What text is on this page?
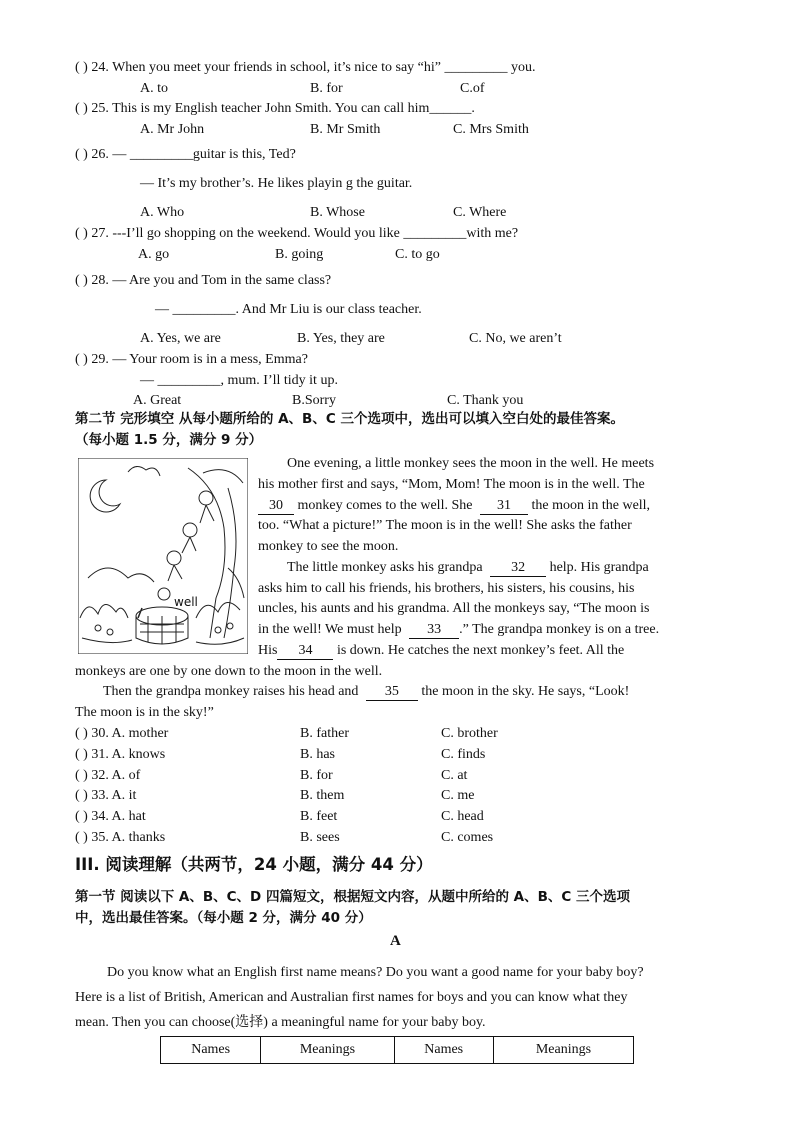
( ) 24. When you meet your friends in school, it’s nice to say “hi” _________ you.
A. to	B. for	C.of
( ) 25. This is my English teacher John Smith. You can call him______.
A. Mr John	B. Mr Smith	C. Mrs Smith
( ) 26. — _________guitar is this, Ted?
— It’s my brother’s. He likes playin g the guitar.
A. Who	B. Whose	C. Where
( ) 27. ---I’ll go shopping on the weekend. Would you like _________with me?
A. go	B. going	C. to go
( ) 28. — Are you and Tom in the same class?
— _________. And Mr Liu is our class teacher.
A. Yes, we are	B. Yes, they are	C. No, we aren’t
( ) 29. — Your room is in a mess, Emma?
— _________, mum. I’ll tidy it up.
A. Great	B.Sorry	C. Thank you
第二节 完形填空 从每小题所给的 A、B、C 三个选项中，选出可以填入空白处的最佳答案。
（每小题 1.5 分，满分 9 分）
well
One evening, a little monkey sees the moon in the well. He meets
his mother first and says, “Mom, Mom! The moon is in the well. The
30 monkey comes to the well. She 31 the moon in the well,
too. “What a picture!” The moon is in the well! She asks the father
monkey to see the moon.
The little monkey asks his grandpa 32 help. His grandpa
asks him to call his friends, his brothers, his sisters, his cousins, his
uncles, his aunts and his grandma. All the monkeys say, “The moon is
in the well! We must help 33 .” The grandpa monkey is on a tree.
His 34 is down. He catches the next monkey’s feet. All the
monkeys are one by one down to the moon in the well.
Then the grandpa monkey raises his head and 35 the moon in the sky. He says, “Look!
The moon is in the sky!”
( ) 30. A. mother	B. father	C. brother
( ) 31. A. knows	B. has	C. finds
( ) 32. A. of	B. for	C. at
( ) 33. A. it	B. them	C. me
( ) 34. A. hat	B. feet	C. head
( ) 35. A. thanks	B. sees	C. comes
III. 阅读理解（共两节，24 小题，满分 44 分）
第一节 阅读以下 A、B、C、D 四篇短文，根据短文内容，从题中所给的 A、B、C 三个选项
中，选出最佳答案。（每小题 2 分，满分 40 分）
A
Do you know what an English first name means? Do you want a good name for your baby boy?
Here is a list of British, American and Australian first names for boys and you can know what they
mean. Then you can choose(选择) a meaningful name for your baby boy.
Names	Meanings	Names	Meanings
